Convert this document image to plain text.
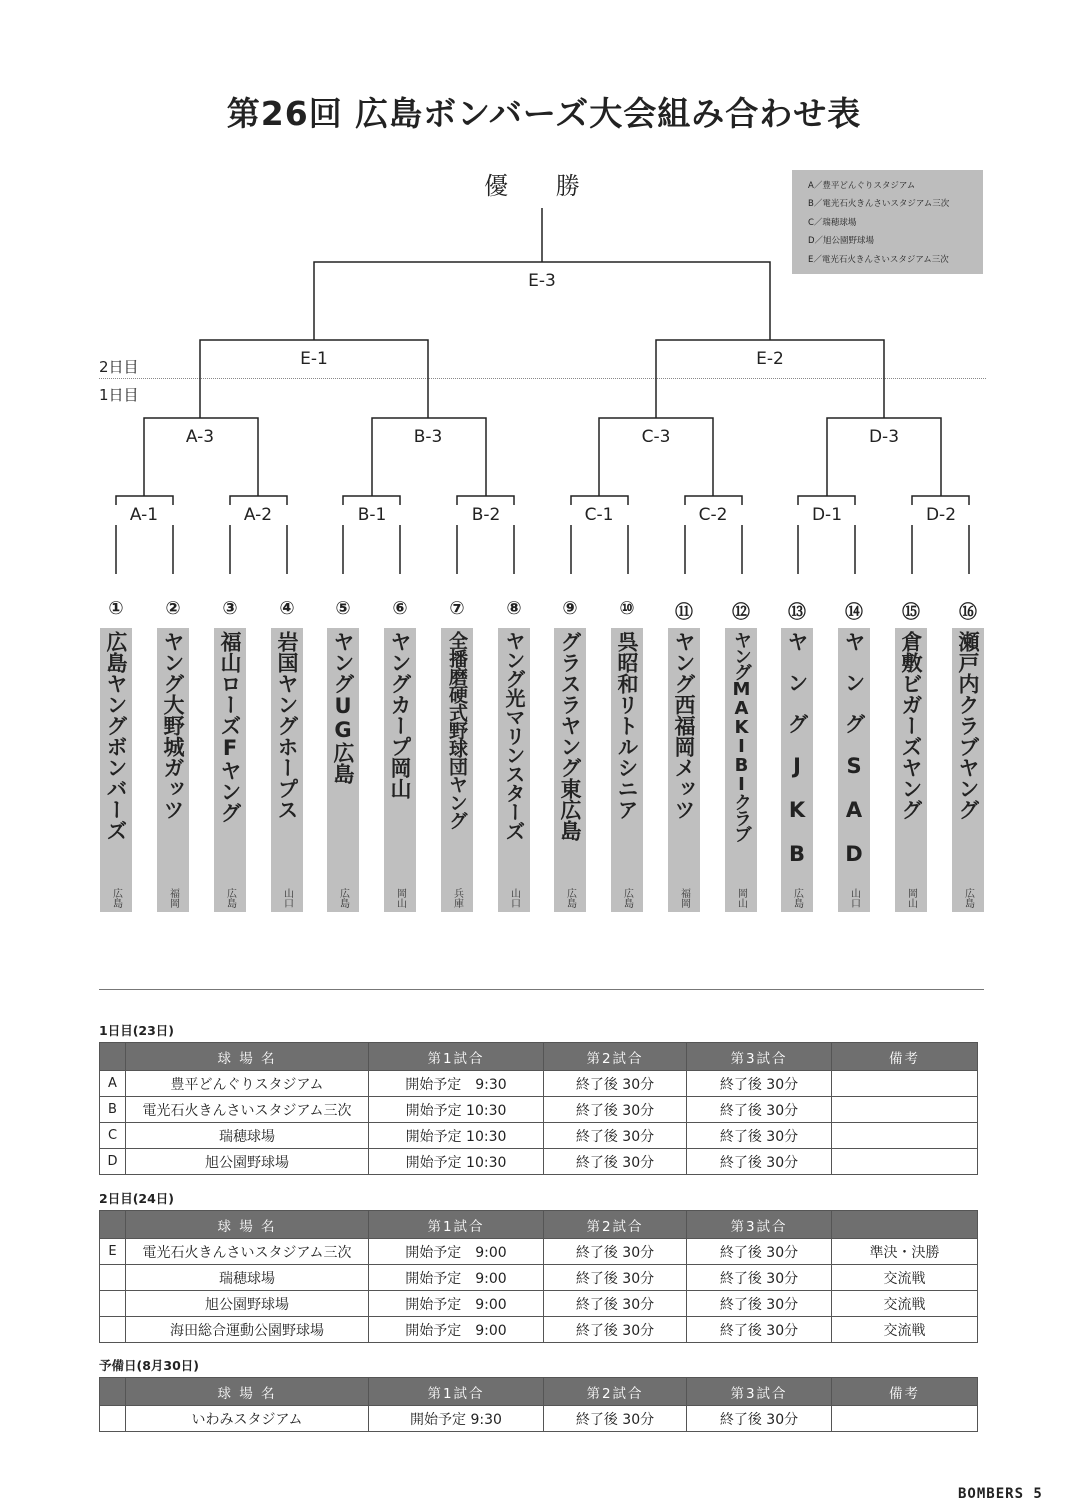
第26回 広島ボンバーズ大会組み合わせ表
優 勝	A／豊平どんぐりスタジアム
B／電光石火きんさいスタジアム三次
C／瑞穂球場
D／旭公園野球場
E／電光石火きんさいスタジアム三次
2日目
1日目
E-3
E-1	E-2
A-3	B-3	C-3	D-3
A-1	A-2	B-1	B-2	C-1	C-2	D-1	D-2
①
広島ヤングボンバーズ
広島
②
ヤング大野城ガッツ
福岡
③
福山ローズFヤング
広島
④
岩国ヤングホープス
山口
⑤
ヤングUG広島
広島
⑥
ヤングカープ岡山
岡山
⑦
全播磨硬式野球団ヤング
兵庫
⑧
ヤング光マリンスターズ
山口
⑨
グラスラヤング東広島
広島
⑩
呉昭和リトルシニア
広島
⑪
ヤング西福岡メッツ
福岡
⑫
ヤングMAKIBIクラブ
岡山
⑬
ヤングJKB
広島
⑭
ヤングSAD
山口
⑮
倉敷ビガーズヤング
岡山
⑯
瀬戸内クラブヤング
広島
1日目(23日)
	球 場 名	第1試合	第2試合	第3試合	備考
A	豊平どんぐりスタジアム	開始予定　9:30	終了後 30分	終了後 30分	
B	電光石火きんさいスタジアム三次	開始予定 10:30	終了後 30分	終了後 30分	
C	瑞穂球場	開始予定 10:30	終了後 30分	終了後 30分	
D	旭公園野球場	開始予定 10:30	終了後 30分	終了後 30分	
2日目(24日)
	球 場 名	第1試合	第2試合	第3試合	
E	電光石火きんさいスタジアム三次	開始予定　9:00	終了後 30分	終了後 30分	準決・決勝
	瑞穂球場	開始予定　9:00	終了後 30分	終了後 30分	交流戦
	旭公園野球場	開始予定　9:00	終了後 30分	終了後 30分	交流戦
	海田総合運動公園野球場	開始予定　9:00	終了後 30分	終了後 30分	交流戦
予備日(8月30日)
	球 場 名	第1試合	第2試合	第3試合	備考
	いわみスタジアム	開始予定 9:30	終了後 30分	終了後 30分	
BOMBERS 5
